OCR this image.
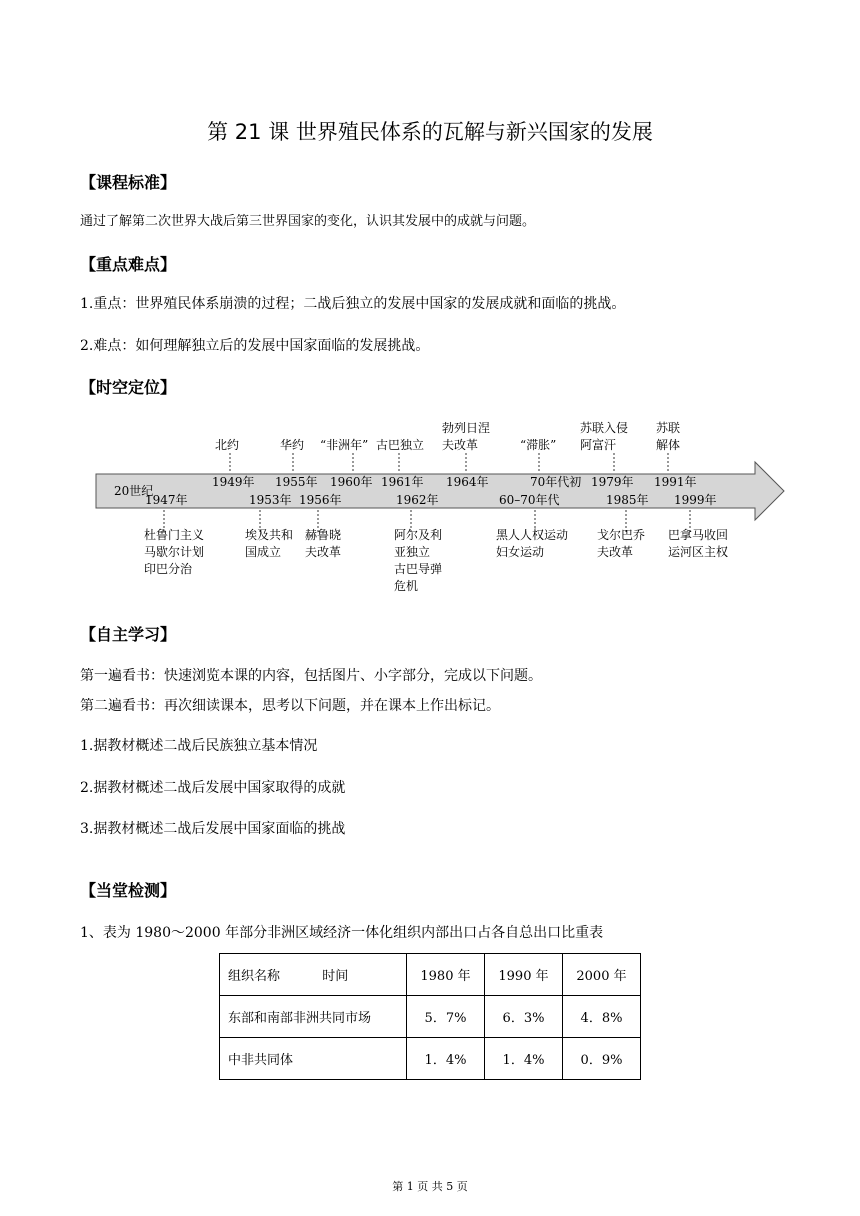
第 21 课 世界殖民体系的瓦解与新兴国家的发展
【课程标准】
通过了解第二次世界大战后第三世界国家的变化，认识其发展中的成就与问题。
【重点难点】
1.重点：世界殖民体系崩溃的过程；二战后独立的发展中国家的发展成就和面临的挑战。
2.难点：如何理解独立后的发展中国家面临的发展挑战。
【时空定位】
20世纪
1949年 1955年 1960年 1961年 1964年	70年代初 1979年 1991年
北约	华约 “非洲年” 古巴独立
勃列日涅
夫改革	“滞胀”
苏联入侵
阿富汗
苏联
解体
1947年	1953年 1956年	1962年	60–70年代	1985年 1999年
杜鲁门主义
马歇尔计划
印巴分治
埃及共和
国成立
赫鲁晓
夫改革
阿尔及利
亚独立
古巴导弹
危机
黑人人权运动
妇女运动
戈尔巴乔
夫改革
巴拿马收回
运河区主权
【自主学习】
第一遍看书：快速浏览本课的内容，包括图片、小字部分，完成以下问题。
第二遍看书：再次细读课本，思考以下问题，并在课本上作出标记。
1.据教材概述二战后民族独立基本情况
2.据教材概述二战后发展中国家取得的成就
3.据教材概述二战后发展中国家面临的挑战
【当堂检测】
1、表为 1980～2000 年部分非洲区域经济一体化组织内部出口占各自总出口比重表
组织名称 时间	1980 年	1990 年	2000 年
东部和南部非洲共同市场	5．7%	6．3%	4．8%
中非共同体	1．4%	1．4%	0．9%
第 1 页 共 5 页
